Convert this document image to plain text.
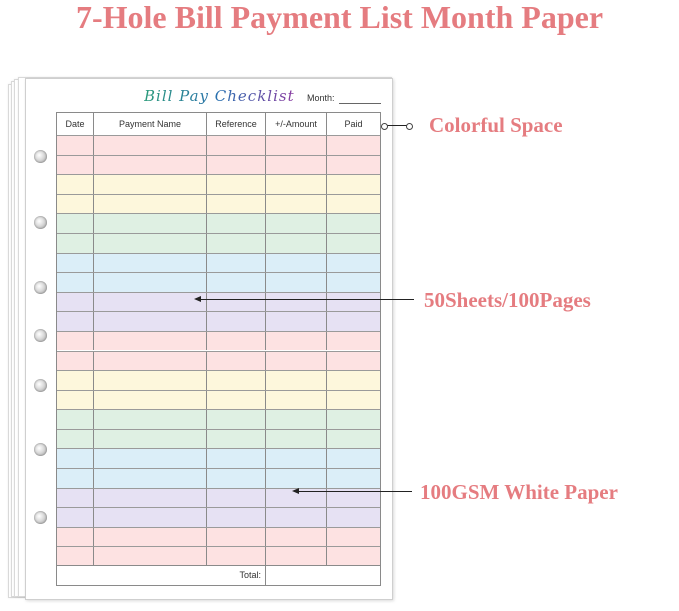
7-Hole Bill Payment List Month Paper
Bill Pay Checklist Month:
Date	Payment Name	Reference	+/-Amount	Paid
Total:
Colorful Space
50Sheets/100Pages
100GSM White Paper
